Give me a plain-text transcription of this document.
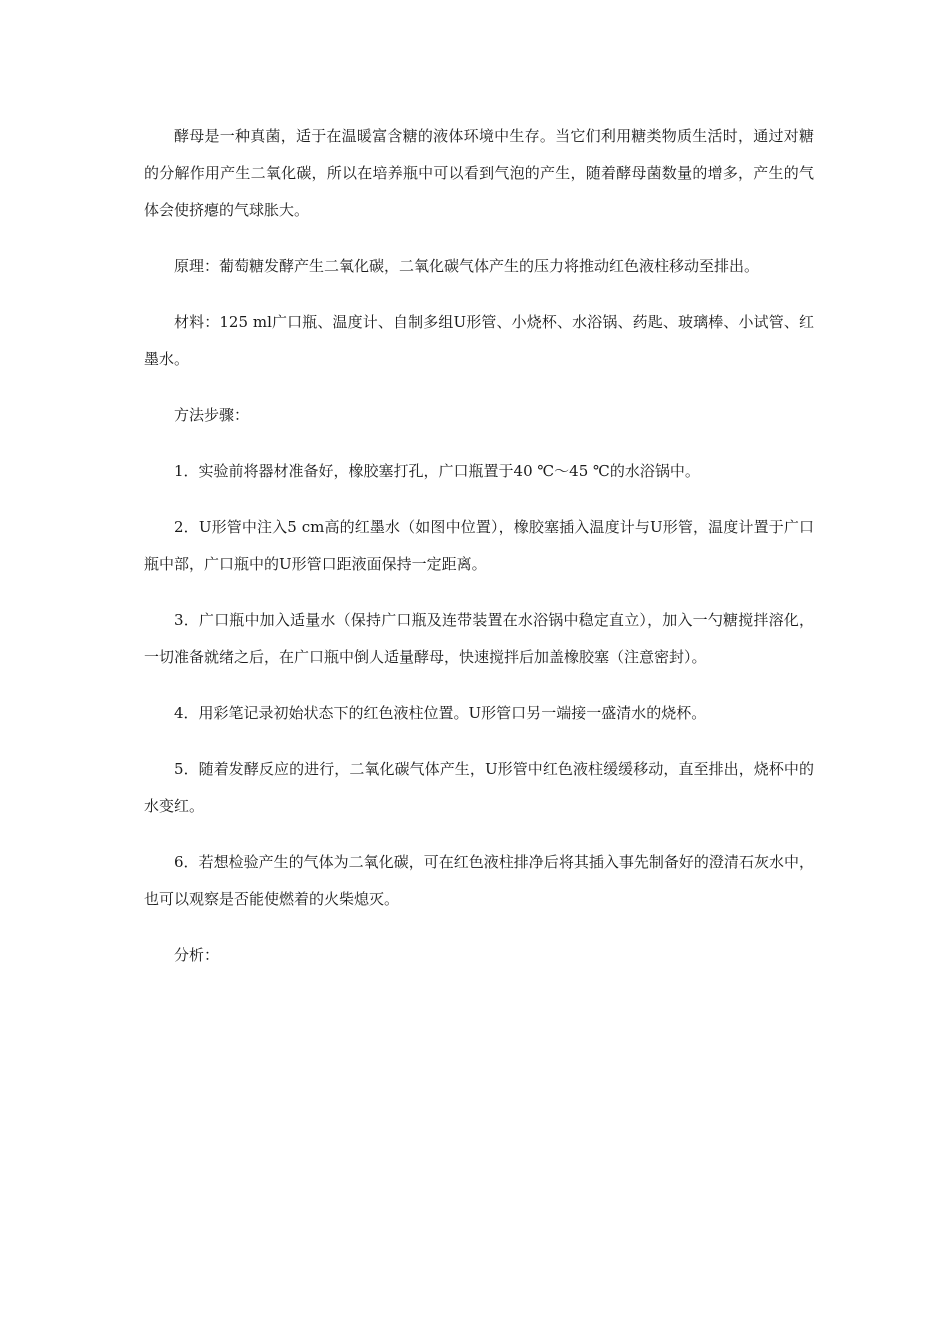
酵母是一种真菌，适于在温暖富含糖的液体环境中生存。当它们利用糖类物质生活时，通过对糖的分解作用产生二氧化碳，所以在培养瓶中可以看到气泡的产生，随着酵母菌数量的增多，产生的气体会使挤瘪的气球胀大。

原理：葡萄糖发酵产生二氧化碳，二氧化碳气体产生的压力将推动红色液柱移动至排出。

材料：125 ml广口瓶、温度计、自制多组U形管、小烧杯、水浴锅、药匙、玻璃棒、小试管、红墨水。

方法步骤：

1．实验前将器材准备好，橡胶塞打孔，广口瓶置于40 ℃～45 ℃的水浴锅中。

2．U形管中注入5 cm高的红墨水（如图中位置），橡胶塞插入温度计与U形管，温度计置于广口瓶中部，广口瓶中的U形管口距液面保持一定距离。

3．广口瓶中加入适量水（保持广口瓶及连带装置在水浴锅中稳定直立），加入一勺糖搅拌溶化，一切准备就绪之后，在广口瓶中倒人适量酵母，快速搅拌后加盖橡胶塞（注意密封）。

4．用彩笔记录初始状态下的红色液柱位置。U形管口另一端接一盛清水的烧杯。

5．随着发酵反应的进行，二氧化碳气体产生，U形管中红色液柱缓缓移动，直至排出，烧杯中的水变红。

6．若想检验产生的气体为二氧化碳，可在红色液柱排净后将其插入事先制备好的澄清石灰水中，也可以观察是否能使燃着的火柴熄灭。

分析：
